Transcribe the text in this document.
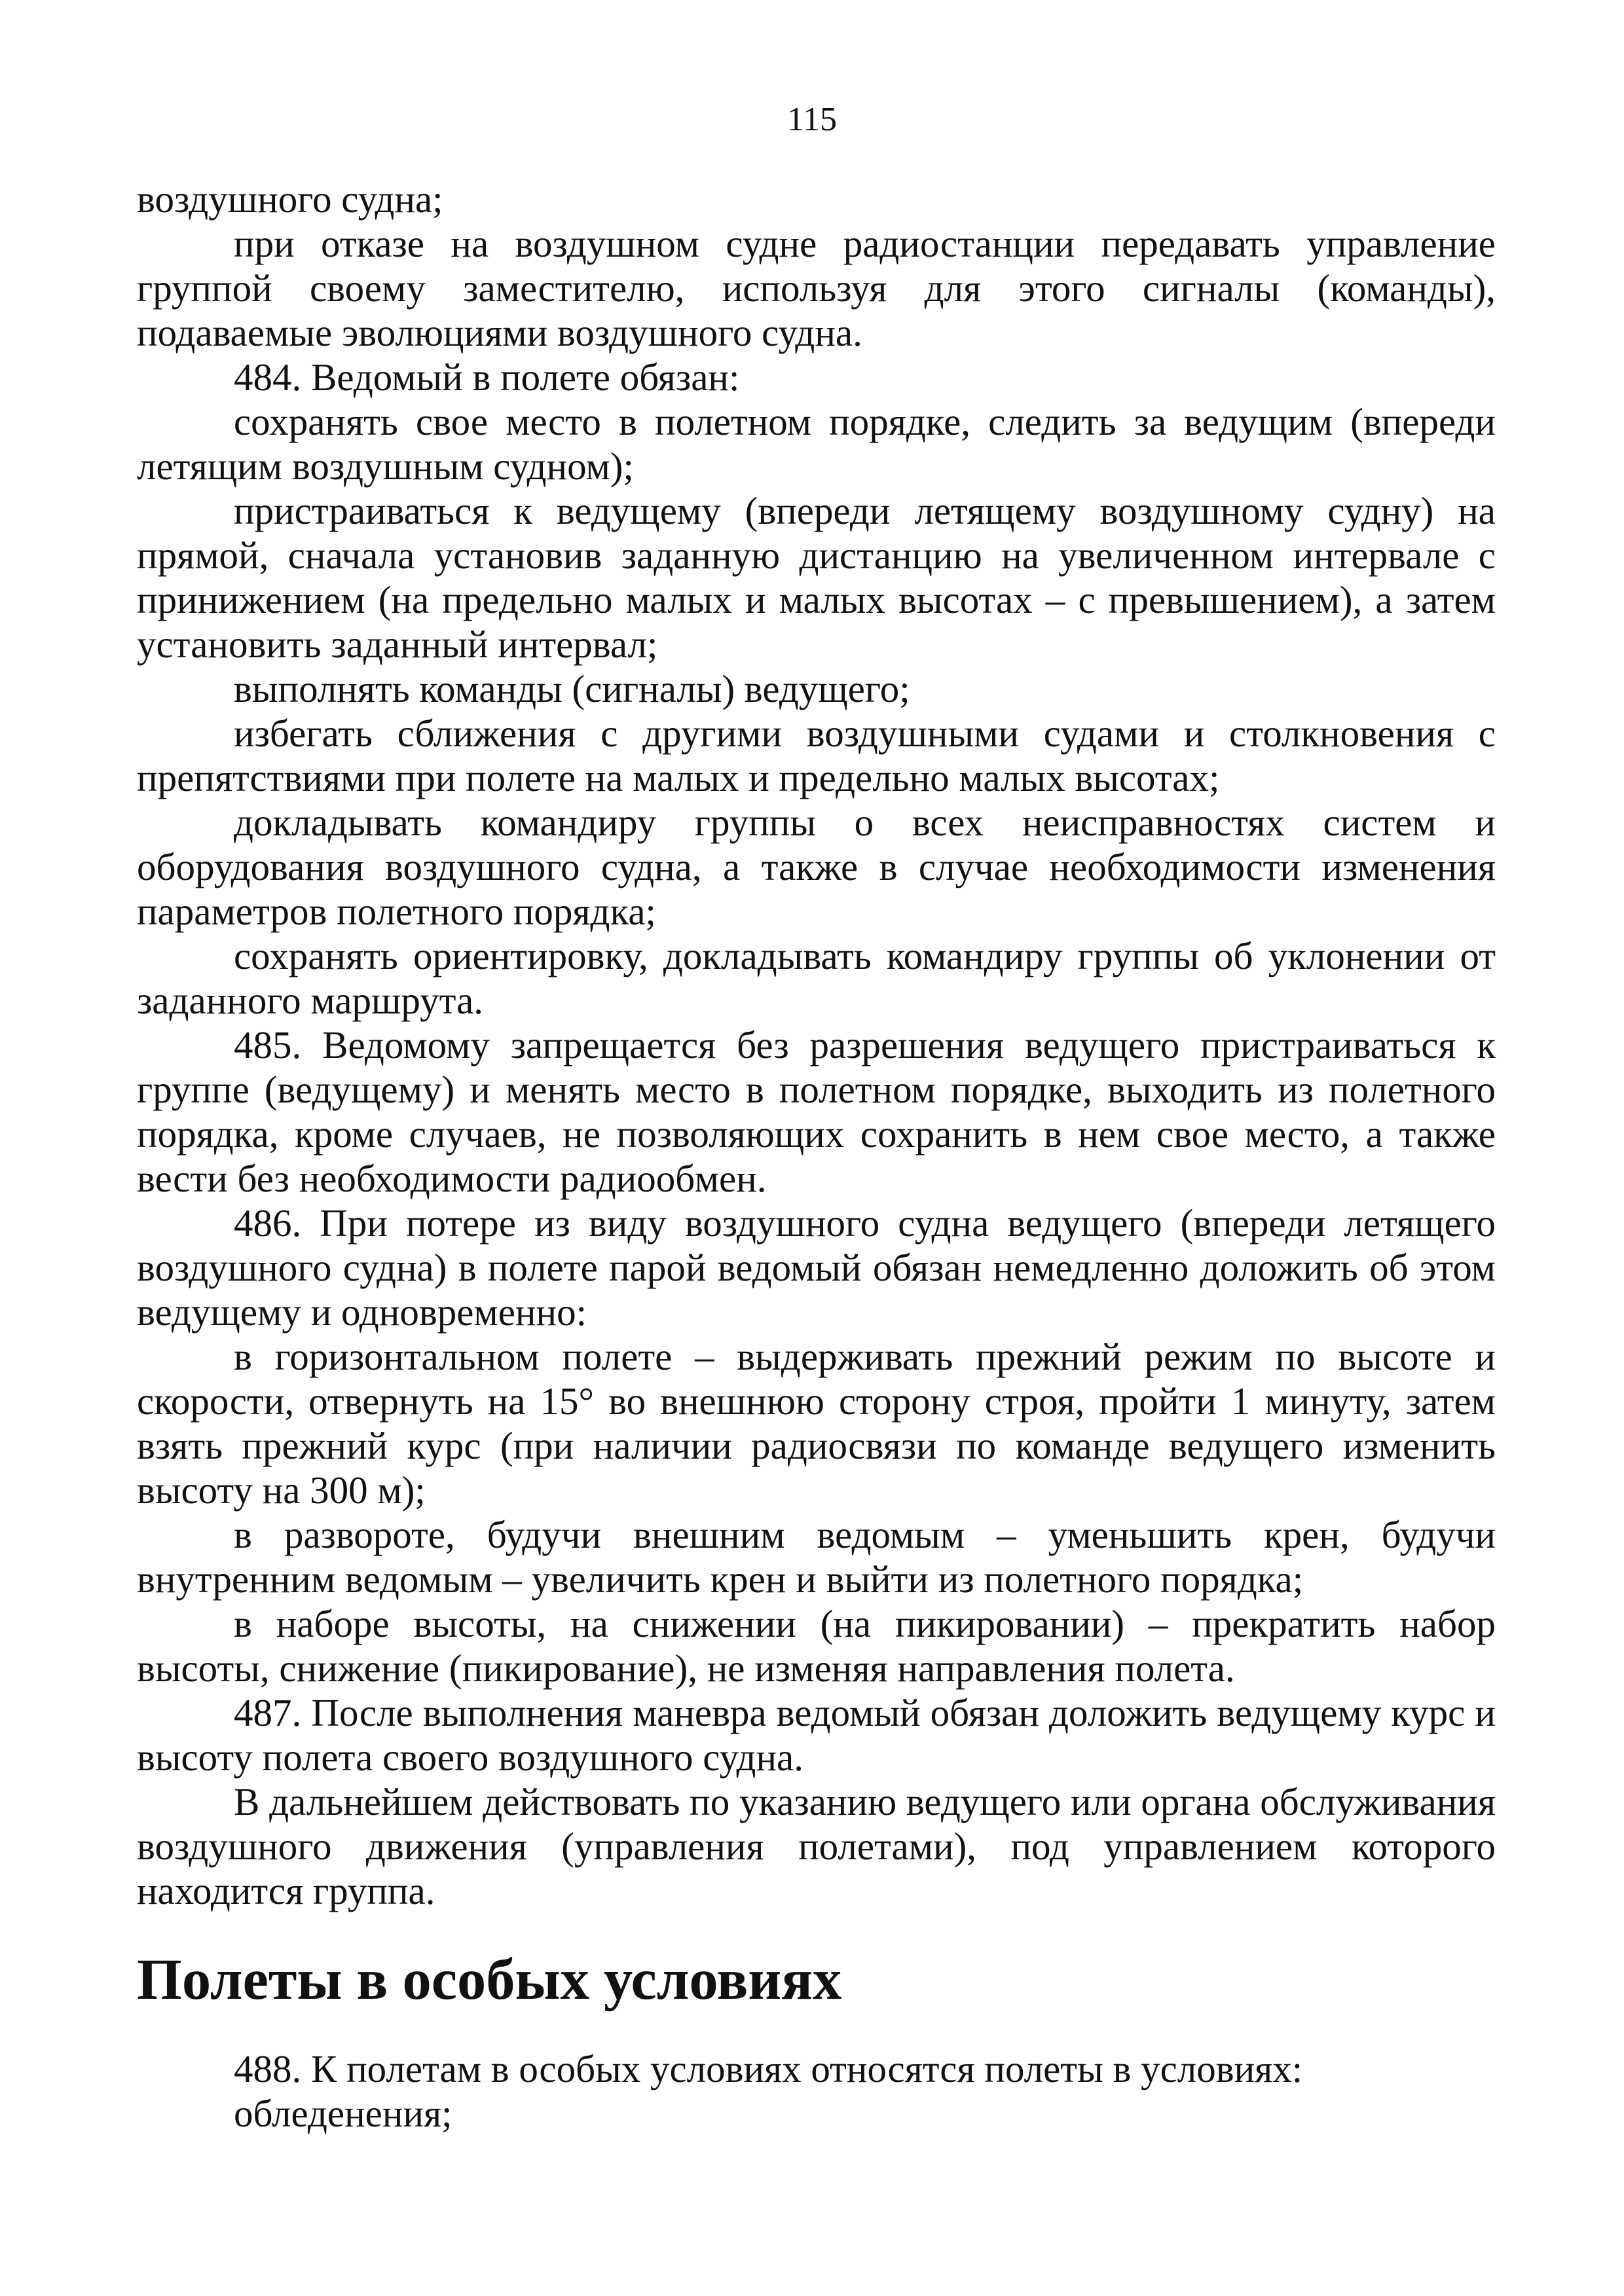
115

воздушного судна;

при отказе на воздушном судне радиостанции передавать управление группой своему заместителю, используя для этого сигналы (команды), подаваемые эволюциями воздушного судна.

484. Ведомый в полете обязан:

сохранять свое место в полетном порядке, следить за ведущим (впереди летящим воздушным судном);

пристраиваться к ведущему (впереди летящему воздушному судну) на прямой, сначала установив заданную дистанцию на увеличенном интервале с принижением (на предельно малых и малых высотах – с превышением), а затем установить заданный интервал;

выполнять команды (сигналы) ведущего;

избегать сближения с другими воздушными судами и столкновения с препятствиями при полете на малых и предельно малых высотах;

докладывать командиру группы о всех неисправностях систем и оборудования воздушного судна, а также в случае необходимости изменения параметров полетного порядка;

сохранять ориентировку, докладывать командиру группы об уклонении от заданного маршрута.

485. Ведомому запрещается без разрешения ведущего пристраиваться к группе (ведущему) и менять место в полетном порядке, выходить из полетного порядка, кроме случаев, не позволяющих сохранить в нем свое место, а также вести без необходимости радиообмен.

486. При потере из виду воздушного судна ведущего (впереди летящего воздушного судна) в полете парой ведомый обязан немедленно доложить об этом ведущему и одновременно:

в горизонтальном полете – выдерживать прежний режим по высоте и скорости, отвернуть на 15° во внешнюю сторону строя, пройти 1 минуту, затем взять прежний курс (при наличии радиосвязи по команде ведущего изменить высоту на 300 м);

в развороте, будучи внешним ведомым – уменьшить крен, будучи внутренним ведомым – увеличить крен и выйти из полетного порядка;

в наборе высоты, на снижении (на пикировании) – прекратить набор высоты, снижение (пикирование), не изменяя направления полета.

487. После выполнения маневра ведомый обязан доложить ведущему курс и высоту полета своего воздушного судна.

В дальнейшем действовать по указанию ведущего или органа обслуживания воздушного движения (управления полетами), под управлением которого находится группа.

Полеты в особых условиях

488. К полетам в особых условиях относятся полеты в условиях:

обледенения;
